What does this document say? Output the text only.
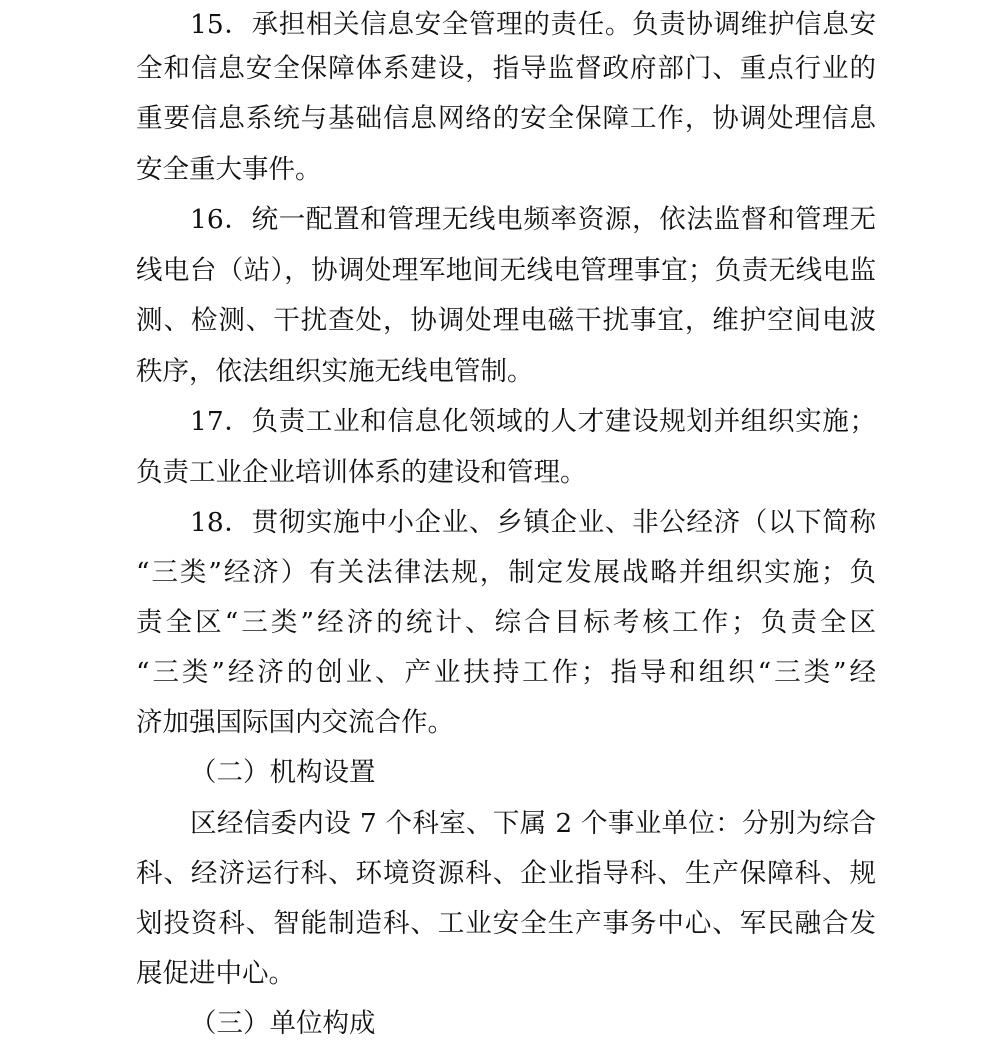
15．承担相关信息安全管理的责任。负责协调维护信息安
全和信息安全保障体系建设，指导监督政府部门、重点行业的
重要信息系统与基础信息网络的安全保障工作，协调处理信息
安全重大事件。
16．统一配置和管理无线电频率资源，依法监督和管理无
线电台（站），协调处理军地间无线电管理事宜；负责无线电监
测、检测、干扰查处，协调处理电磁干扰事宜，维护空间电波
秩序，依法组织实施无线电管制。
17．负责工业和信息化领域的人才建设规划并组织实施；
负责工业企业培训体系的建设和管理。
18．贯彻实施中小企业、乡镇企业、非公经济（以下简称
“三类”经济）有关法律法规，制定发展战略并组织实施；负
责全区“三类”经济的统计、综合目标考核工作；负责全区
“三类”经济的创业、产业扶持工作；指导和组织“三类”经
济加强国际国内交流合作。
（二）机构设置
区经信委内设 7 个科室、下属 2 个事业单位：分别为综合
科、经济运行科、环境资源科、企业指导科、生产保障科、规
划投资科、智能制造科、工业安全生产事务中心、军民融合发
展促进中心。
（三）单位构成
